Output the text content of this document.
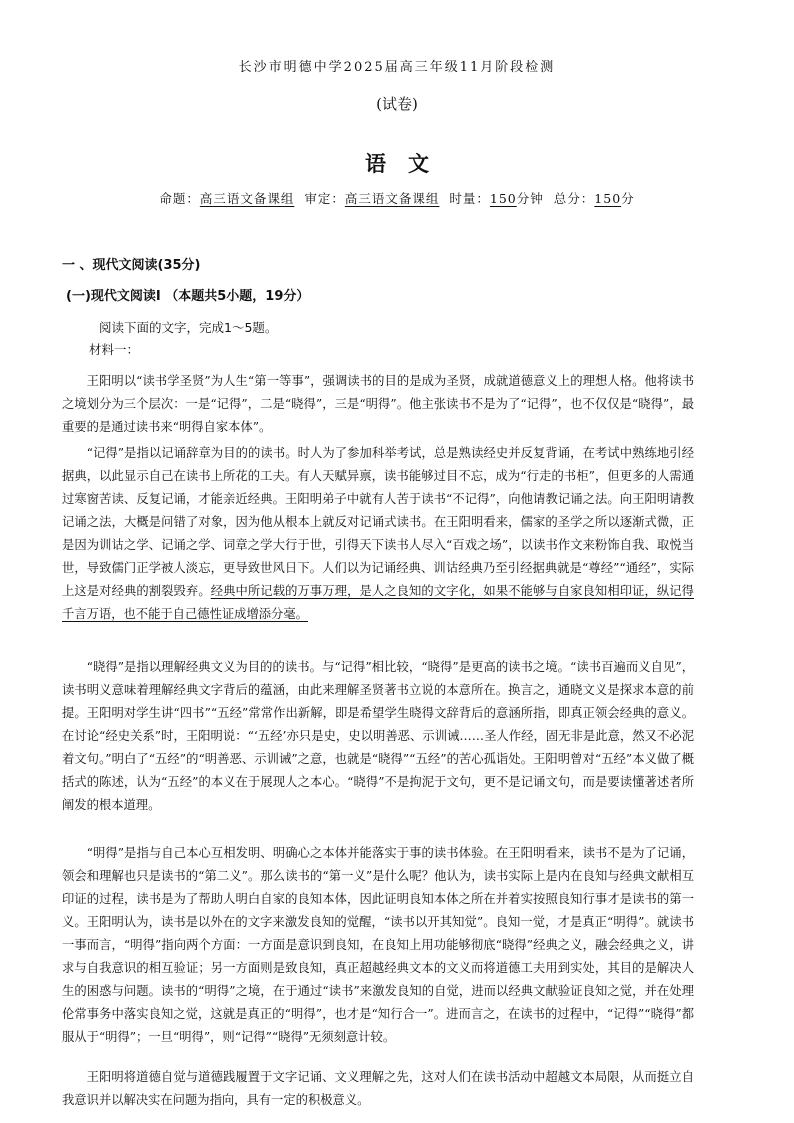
长沙市明德中学2025届高三年级11月阶段检测
(试卷)
语文
命题：高三语文备课组 审定：高三语文备课组 时量：150分钟 总分：150分
一 、现代文阅读(35分)
(一)现代文阅读I （本题共5小题，19分）
阅读下面的文字，完成1～5题。
材料一：

王阳明以“读书学圣贤”为人生“第一等事”，强调读书的目的是成为圣贤，成就道德意义上的理想人格。他将读书之境划分为三个层次：一是“记得”，二是“晓得”，三是“明得”。他主张读书不是为了“记得”，也不仅仅是“晓得”，最重要的是通过读书来“明得自家本体”。

“记得”是指以记诵辞章为目的的读书。时人为了参加科举考试，总是熟读经史并反复背诵，在考试中熟练地引经据典，以此显示自己在读书上所花的工夫。有人天赋异禀，读书能够过目不忘，成为“行走的书柜”，但更多的人需通过寒窗苦读、反复记诵，才能亲近经典。王阳明弟子中就有人苦于读书“不记得”，向他请教记诵之法。向王阳明请教记诵之法，大概是问错了对象，因为他从根本上就反对记诵式读书。在王阳明看来，儒家的圣学之所以逐渐式微，正是因为训诂之学、记诵之学、词章之学大行于世，引得天下读书人尽入“百戏之场”，以读书作文来粉饰自我、取悦当世，导致儒门正学被人淡忘，更导致世风日下。人们以为记诵经典、训诂经典乃至引经据典就是“尊经”“通经”，实际上这是对经典的割裂毁弃。经典中所记载的万事万理，是人之良知的文字化，如果不能够与自家良知相印证，纵记得千言万语，也不能于自己德性证成增添分毫。

“晓得”是指以理解经典文义为目的的读书。与“记得”相比较，“晓得”是更高的读书之境。“读书百遍而义自见”，读书明义意味着理解经典文字背后的蕴涵，由此来理解圣贤著书立说的本意所在。换言之，通晓文义是探求本意的前提。王阳明对学生讲“四书”“五经”常常作出新解，即是希望学生晓得文辞背后的意涵所指，即真正领会经典的意义。在讨论“经史关系”时，王阳明说：“‘五经’亦只是史，史以明善恶、示训诫……圣人作经，固无非是此意，然又不必泥着文句。”明白了“五经”的“明善恶、示训诫”之意，也就是“晓得”“五经”的苦心孤诣处。王阳明曾对“五经”本义做了概括式的陈述，认为“五经”的本义在于展现人之本心。“晓得”不是拘泥于文句，更不是记诵文句，而是要读懂著述者所阐发的根本道理。

“明得”是指与自己本心互相发明、明确心之本体并能落实于事的读书体验。在王阳明看来，读书不是为了记诵，领会和理解也只是读书的“第二义”。那么读书的“第一义”是什么呢？他认为，读书实际上是内在良知与经典文献相互印证的过程，读书是为了帮助人明白自家的良知本体，因此证明良知本体之所在并着实按照良知行事才是读书的第一义。王阳明认为，读书是以外在的文字来激发良知的觉醒，“读书以开其知觉”。良知一觉，才是真正“明得”。就读书一事而言，“明得”指向两个方面：一方面是意识到良知，在良知上用功能够彻底“晓得”经典之义，融会经典之义，讲求与自我意识的相互验证；另一方面则是致良知，真正超越经典文本的文义而将道德工夫用到实处，其目的是解决人生的困惑与问题。读书的“明得”之境，在于通过“读书”来激发良知的自觉，进而以经典文献验证良知之觉，并在处理伦常事务中落实良知之觉，这就是真正的“明得”，也才是“知行合一”。进而言之，在读书的过程中，“记得”“晓得”都服从于“明得”；一旦“明得”，则“记得”“晓得”无须刻意计较。

王阳明将道德自觉与道德践履置于文字记诵、文义理解之先，这对人们在读书活动中超越文本局限，从而挺立自我意识并以解决实在问题为指向，具有一定的积极意义。
